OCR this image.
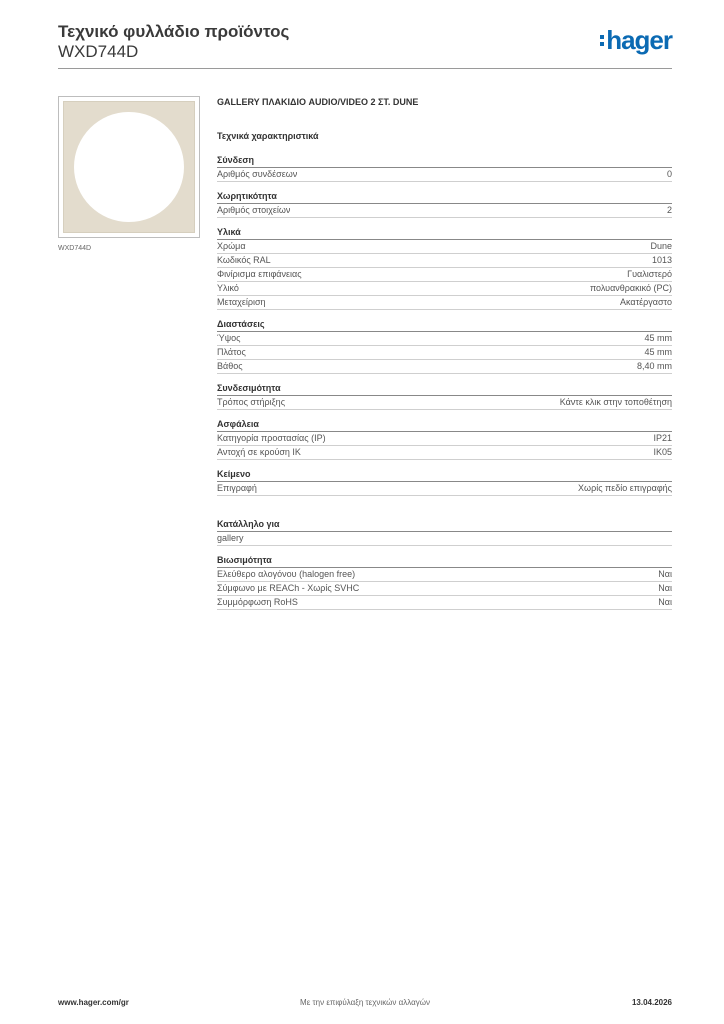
Τεχνικό φυλλάδιο προϊόντος
WXD744D	hager
WXD744D
GALLERY ΠΛΑΚΙΔΙΟ AUDIO/VIDEO 2 ΣΤ. DUNE
Τεχνικά χαρακτηριστικά
Σύνδεση
Αριθμός συνδέσεων	0
Χωρητικότητα
Αριθμός στοιχείων	2
Υλικά
Χρώμα	Dune
Κωδικός RAL	1013
Φινίρισμα επιφάνειας	Γυαλιστερό
Υλικό	πολυανθρακικό (PC)
Μεταχείριση	Ακατέργαστο
Διαστάσεις
Ύψος	45 mm
Πλάτος	45 mm
Βάθος	8,40 mm
Συνδεσιμότητα
Τρόπος στήριξης	Κάντε κλικ στην τοποθέτηση
Ασφάλεια
Κατηγορία προστασίας (IP)	IP21
Αντοχή σε κρούση IK	IK05
Κείμενο
Επιγραφή	Χωρίς πεδίο επιγραφής
Κατάλληλο για
gallery
Βιωσιμότητα
Ελεύθερο αλογόνου (halogen free)	Ναι
Σύμφωνο με REACh - Χωρίς SVHC	Ναι
Συμμόρφωση RoHS	Ναι
Με την επιφύλαξη τεχνικών αλλαγών
www.hager.com/gr	13.04.2026
